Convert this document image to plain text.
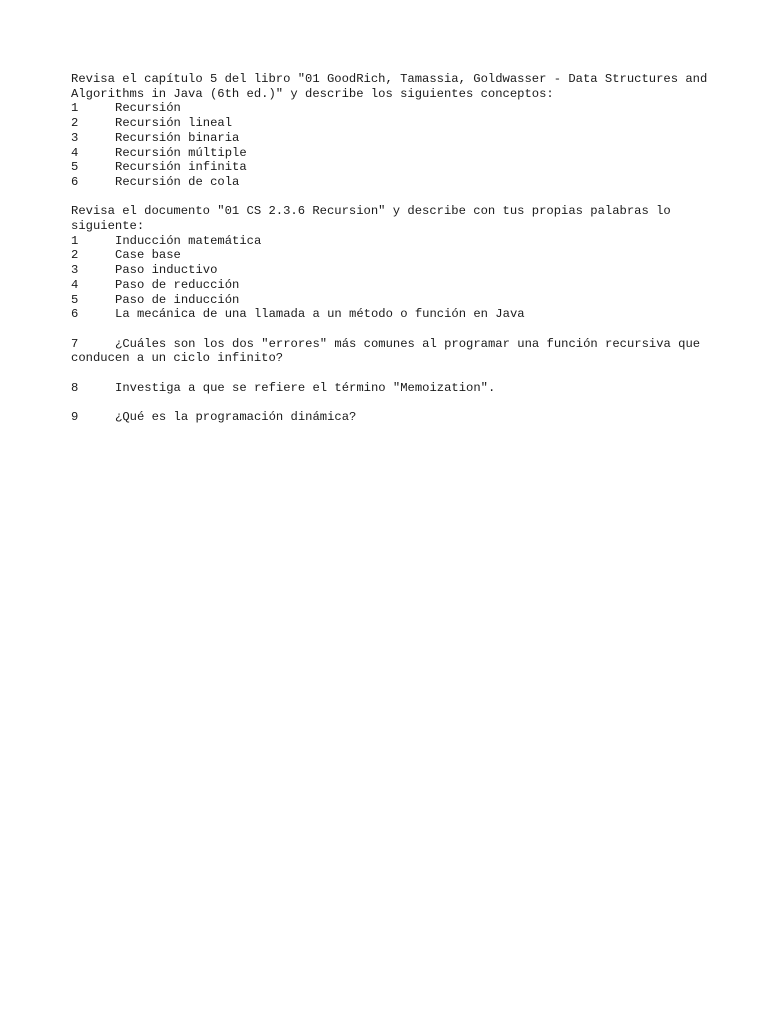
Revisa el capítulo 5 del libro "01 GoodRich, Tamassia, Goldwasser - Data Structures and Algorithms in Java (6th ed.)" y describe los siguientes conceptos:

1	Recursión
2	Recursión lineal
3	Recursión binaria
4	Recursión múltiple
5	Recursión infinita
6	Recursión de cola

Revisa el documento "01 CS 2.3.6 Recursion" y describe con tus propias palabras lo siguiente:

1	Inducción matemática
2	Case base
3	Paso inductivo
4	Paso de reducción
5	Paso de inducción
6	La mecánica de una llamada a un método o función en Java

7	¿Cuáles son los dos "errores" más comunes al programar una función recursiva que conducen a un ciclo infinito?

8	Investiga a que se refiere el término "Memoization".

9	¿Qué es la programación dinámica?
